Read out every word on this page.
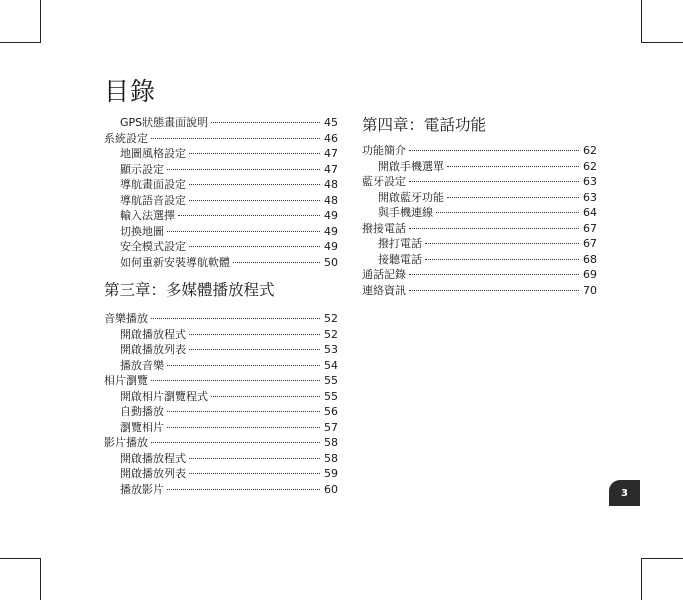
目錄
GPS狀態畫面說明	45
系統設定	46
地圖風格設定	47
顯示設定	47
導航畫面設定	48
導航語音設定	48
輸入法選擇	49
切換地圖	49
安全模式設定	49
如何重新安裝導航軟體	50
第三章：多媒體播放程式
音樂播放	52
開啟播放程式	52
開啟播放列表	53
播放音樂	54
相片瀏覽	55
開啟相片瀏覽程式	55
自動播放	56
瀏覽相片	57
影片播放	58
開啟播放程式	58
開啟播放列表	59
播放影片	60
第四章：電話功能
功能簡介	62
開啟手機選單	62
藍牙設定	63
開啟藍牙功能	63
與手機連線	64
撥接電話	67
撥打電話	67
接聽電話	68
通話記錄	69
連絡資訊	70
3
